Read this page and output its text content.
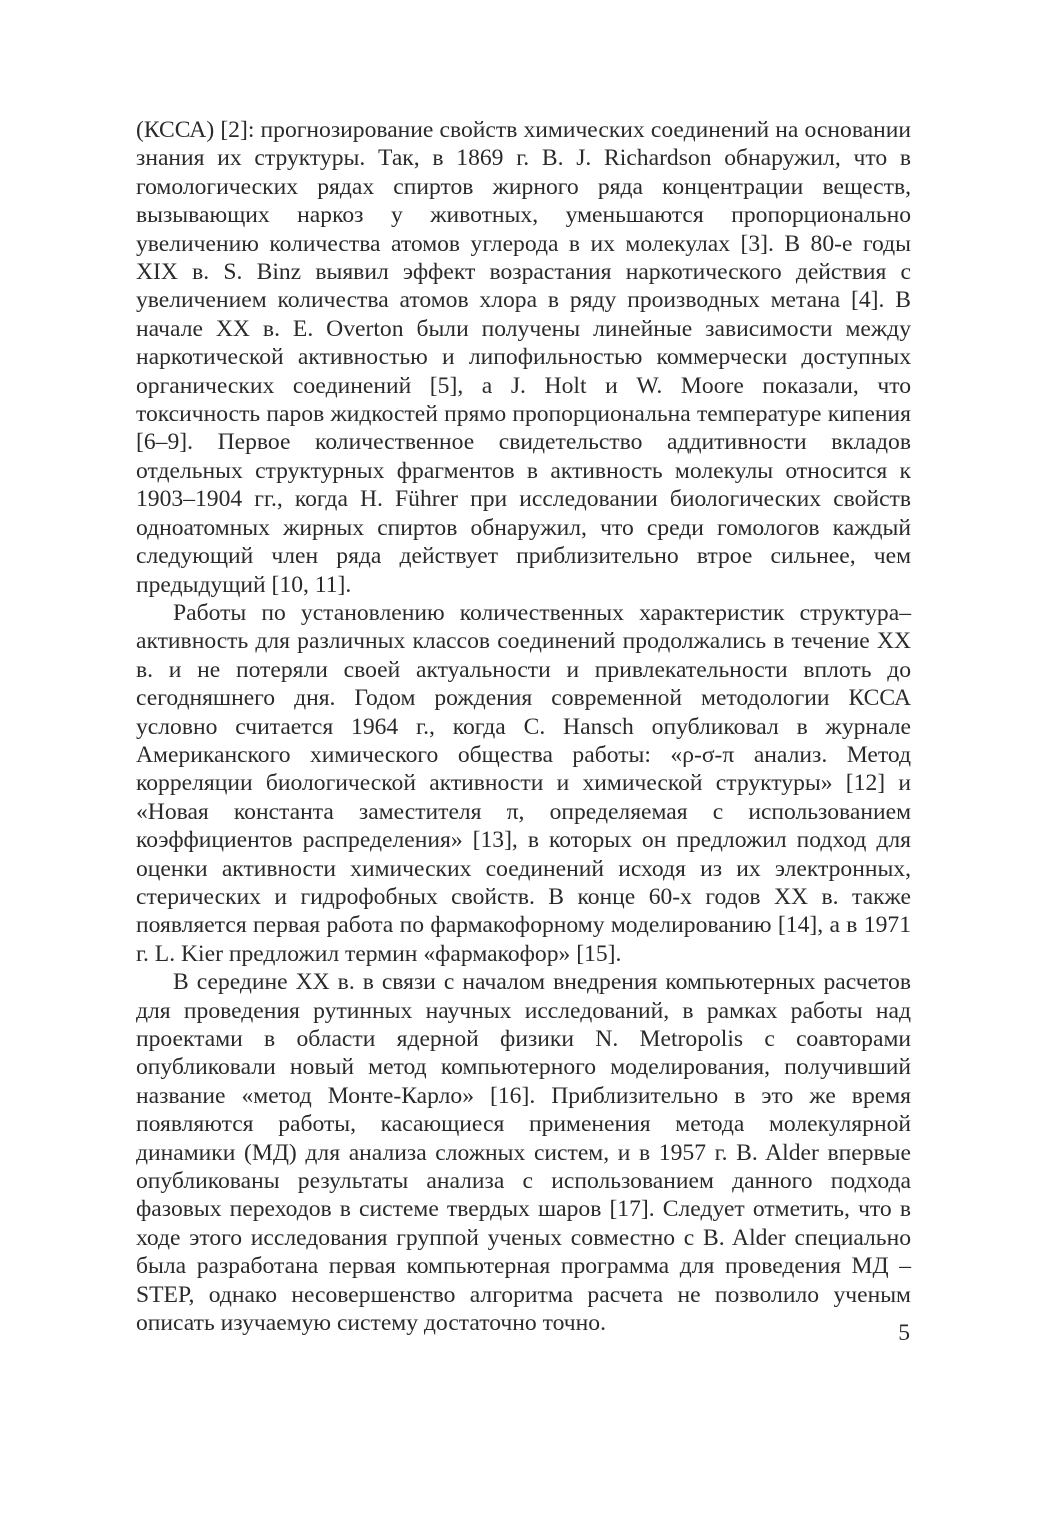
(КССА) [2]: прогнозирование свойств химических соединений на основании знания их структуры. Так, в 1869 г. B. J. Richardson обнаружил, что в гомологических рядах спиртов жирного ряда концентрации веществ, вызывающих наркоз у животных, уменьшаются пропорционально увеличению количества атомов углерода в их молекулах [3]. В 80-е годы XIX в. S. Binz выявил эффект возрастания наркотического действия с увеличением количества атомов хлора в ряду производных метана [4]. В начале XX в. E. Overton были получены линейные зависимости между наркотической активностью и липофильностью коммерчески доступных органических соединений [5], а J. Holt и W. Moore показали, что токсичность паров жидкостей прямо пропорциональна температуре кипения [6–9]. Первое количественное свидетельство аддитивности вкладов отдельных структурных фрагментов в активность молекулы относится к 1903–1904 гг., когда H. Führer при исследовании биологических свойств одноатомных жирных спиртов обнаружил, что среди гомологов каждый следующий член ряда действует приблизительно втрое сильнее, чем предыдущий [10, 11].

Работы по установлению количественных характеристик структура–активность для различных классов соединений продолжались в течение XX в. и не потеряли своей актуальности и привлекательности вплоть до сегодняшнего дня. Годом рождения современной методологии КССА условно считается 1964 г., когда C. Hansch опубликовал в журнале Американского химического общества работы: «ρ-σ-π анализ. Метод корреляции биологической активности и химической структуры» [12] и «Новая константа заместителя π, определяемая с использованием коэффициентов распределения» [13], в которых он предложил подход для оценки активности химических соединений исходя из их электронных, стерических и гидрофобных свойств. В конце 60-х годов XX в. также появляется первая работа по фармакофорному моделированию [14], а в 1971 г. L. Kier предложил термин «фармакофор» [15].

В середине XX в. в связи с началом внедрения компьютерных расчетов для проведения рутинных научных исследований, в рамках работы над проектами в области ядерной физики N. Metropolis с соавторами опубликовали новый метод компьютерного моделирования, получивший название «метод Монте-Карло» [16]. Приблизительно в это же время появляются работы, касающиеся применения метода молекулярной динамики (МД) для анализа сложных систем, и в 1957 г. B. Alder впервые опубликованы результаты анализа с использованием данного подхода фазовых переходов в системе твердых шаров [17]. Следует отметить, что в ходе этого исследования группой ученых совместно с B. Alder специально была разработана первая компьютерная программа для проведения МД – STEP, однако несовершенство алгоритма расчета не позволило ученым описать изучаемую систему достаточно точно.	5
